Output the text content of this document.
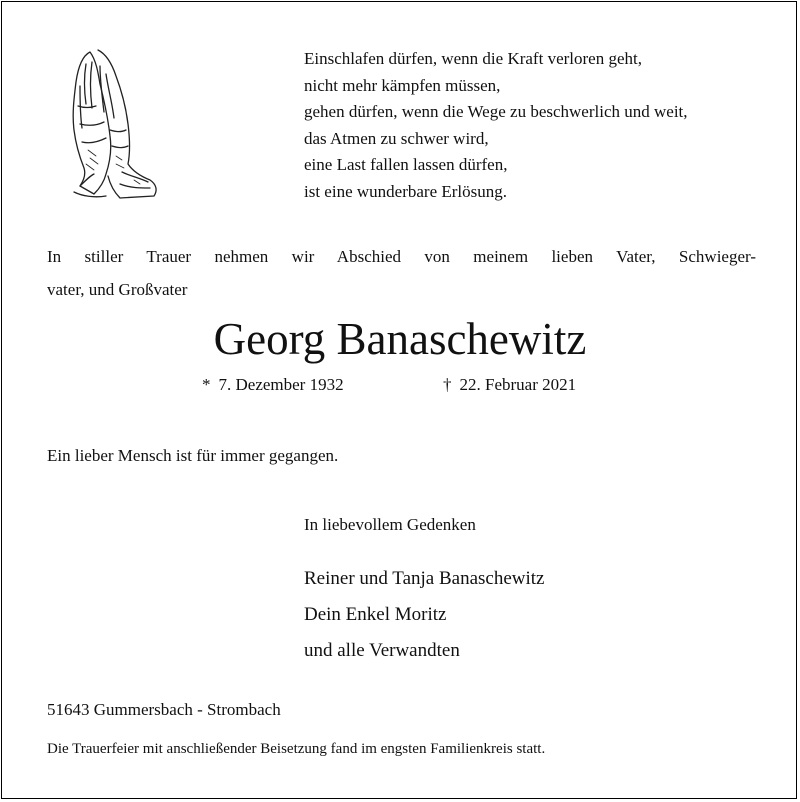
Einschlafen dürfen, wenn die Kraft verloren geht,
nicht mehr kämpfen müssen,
gehen dürfen, wenn die Wege zu beschwerlich und weit,
das Atmen zu schwer wird,
eine Last fallen lassen dürfen,
ist eine wunderbare Erlösung.
In stiller Trauer nehmen wir Abschied von meinem lieben Vater, Schwieger-
vater, und Großvater
Georg Banaschewitz
* 7. Dezember 1932	† 22. Februar 2021
Ein lieber Mensch ist für immer gegangen.
In liebevollem Gedenken
Reiner und Tanja Banaschewitz
Dein Enkel Moritz
und alle Verwandten
51643 Gummersbach - Strombach
Die Trauerfeier mit anschließender Beisetzung fand im engsten Familienkreis statt.
